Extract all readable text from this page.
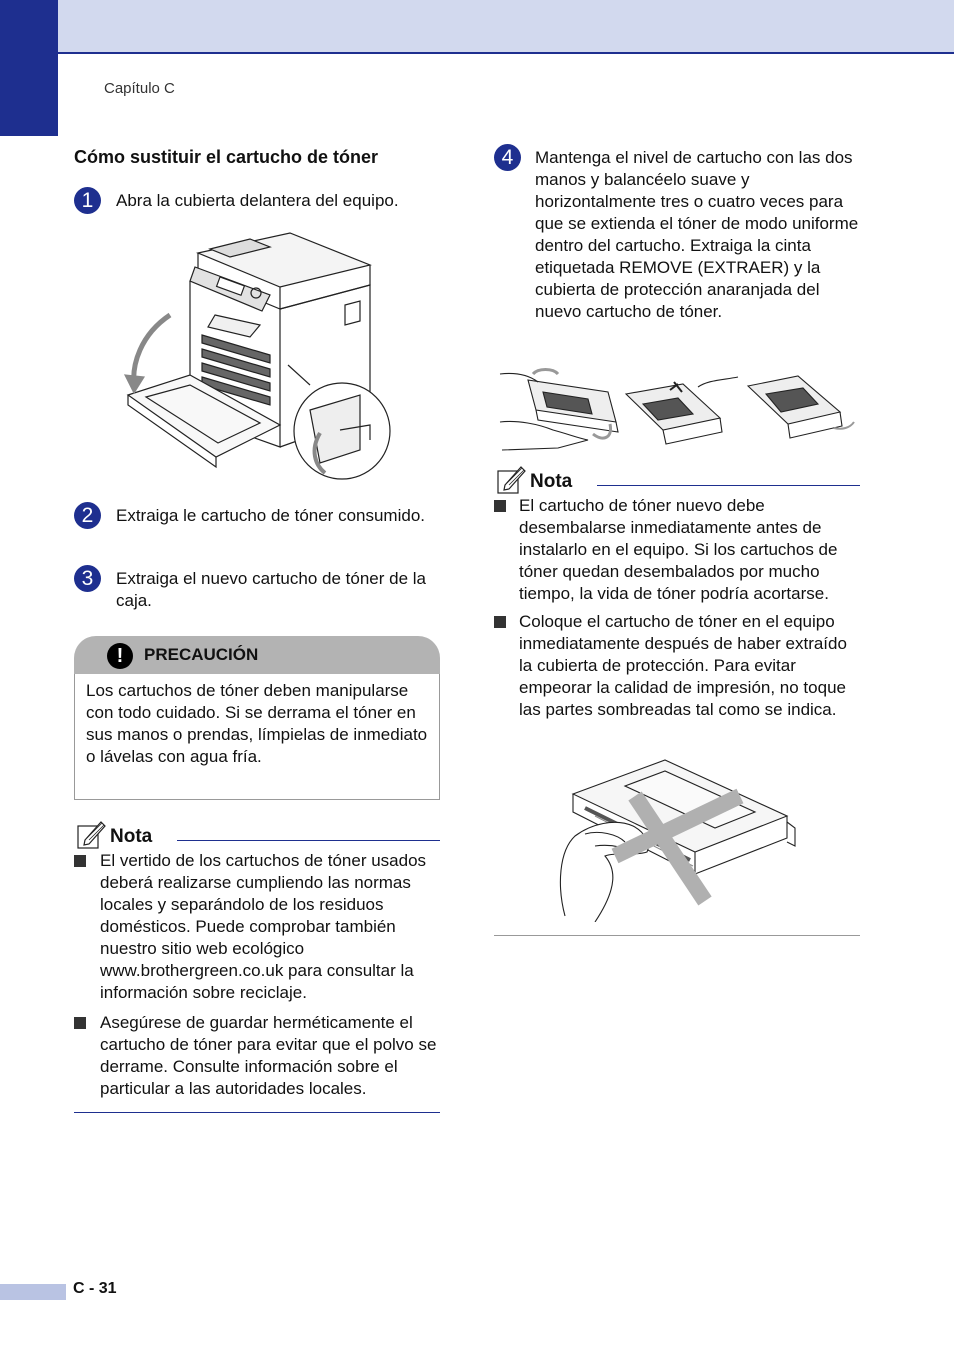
Capítulo C
Cómo sustituir el cartucho de tóner
1	Abra la cubierta delantera del equipo.
2	Extraiga le cartucho de tóner consumido.
3	Extraiga el nuevo cartucho de tóner de la caja.
!	PRECAUCIÓN
Los cartuchos de tóner deben manipularse con todo cuidado. Si se derrama el tóner en sus manos o prendas, límpielas de inmediato o lávelas con agua fría.
Nota
El vertido de los cartuchos de tóner usados deberá realizarse cumpliendo las normas locales y separándolo de los residuos domésticos. Puede comprobar también nuestro sitio web ecológico www.brothergreen.co.uk para consultar la información sobre reciclaje.
Asegúrese de guardar herméticamente el cartucho de tóner para evitar que el polvo se derrame. Consulte información sobre el particular a las autoridades locales.
4	Mantenga el nivel de cartucho con las dos manos y balancéelo suave y horizontalmente tres o cuatro veces para que se extienda el tóner de modo uniforme dentro del cartucho. Extraiga la cinta etiquetada REMOVE (EXTRAER) y la cubierta de protección anaranjada del nuevo cartucho de tóner.
Nota
El cartucho de tóner nuevo debe desembalarse inmediatamente antes de instalarlo en el equipo. Si los cartuchos de tóner quedan desembalados por mucho tiempo, la vida de tóner podría acortarse.
Coloque el cartucho de tóner en el equipo inmediatamente después de haber extraído la cubierta de protección. Para evitar empeorar la calidad de impresión, no toque las partes sombreadas tal como se indica.
C - 31
